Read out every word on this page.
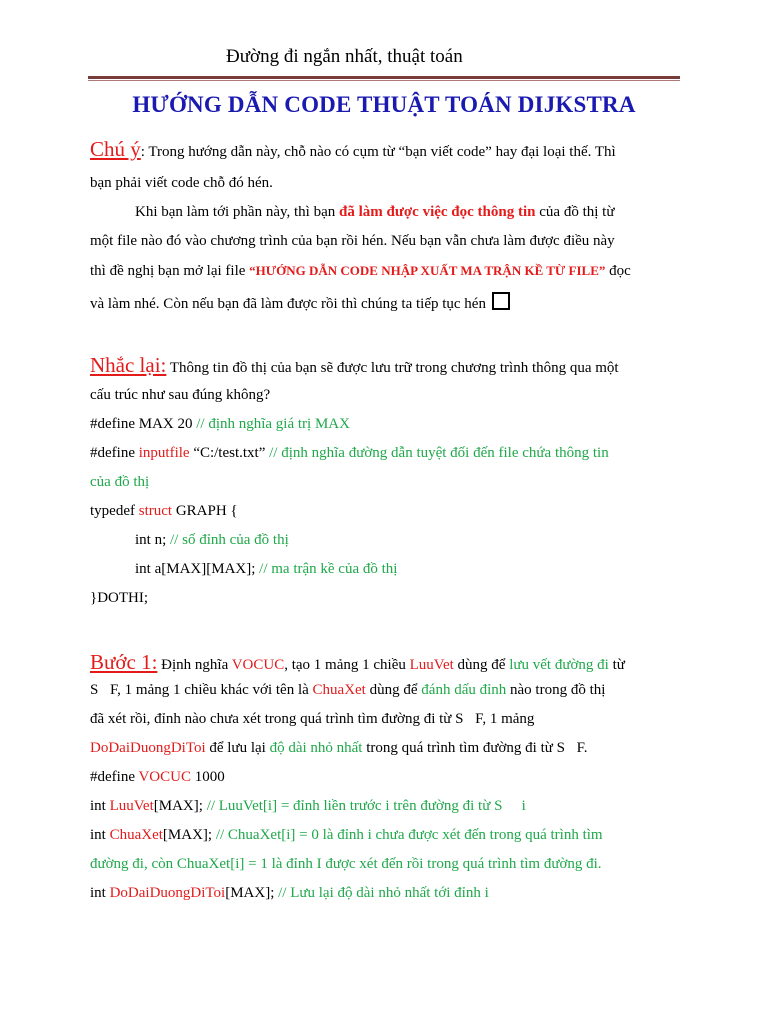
Đường đi ngắn nhất, thuật toán
HƯỚNG DẪN CODE THUẬT TOÁN DIJKSTRA
Chú ý: Trong hướng dẫn này, chỗ nào có cụm từ “bạn viết code” hay đại loại thế. Thì
bạn phải viết code chỗ đó hén.
Khi bạn làm tới phần này, thì bạn đã làm được việc đọc thông tin của đồ thị từ
một file nào đó vào chương trình của bạn rồi hén. Nếu bạn vẫn chưa làm được điều này
thì đề nghị bạn mở lại file “HƯỚNG DẪN CODE NHẬP XUẤT MA TRẬN KỀ TỪ FILE” đọc
và làm nhé. Còn nếu bạn đã làm được rồi thì chúng ta tiếp tục hén
Nhắc lại: Thông tin đồ thị của bạn sẽ được lưu trữ trong chương trình thông qua một
cấu trúc như sau đúng không?
#define MAX 20 // định nghĩa giá trị MAX
#define inputfile “C:/test.txt” // định nghĩa đường dẫn tuyệt đối đến file chứa thông tin
của đồ thị
typedef struct GRAPH {
int n; // số đỉnh của đồ thị
int a[MAX][MAX]; // ma trận kề của đồ thị
}DOTHI;
Bước 1: Định nghĩa VOCUC, tạo 1 mảng 1 chiều LuuVet dùng để lưu vết đường đi từ
S F, 1 mảng 1 chiều khác với tên là ChuaXet dùng để đánh dấu đỉnh nào trong đồ thị
đã xét rồi, đỉnh nào chưa xét trong quá trình tìm đường đi từ S F, 1 mảng
DoDaiDuongDiToi để lưu lại độ dài nhỏ nhất trong quá trình tìm đường đi từ S F.
#define VOCUC 1000
int LuuVet[MAX]; // LuuVet[i] = đỉnh liền trước i trên đường đi từ S i
int ChuaXet[MAX]; // ChuaXet[i] = 0 là đỉnh i chưa được xét đến trong quá trình tìm
đường đi, còn ChuaXet[i] = 1 là đỉnh I được xét đến rồi trong quá trình tìm đường đi.
int DoDaiDuongDiToi[MAX]; // Lưu lại độ dài nhỏ nhất tới đỉnh i
